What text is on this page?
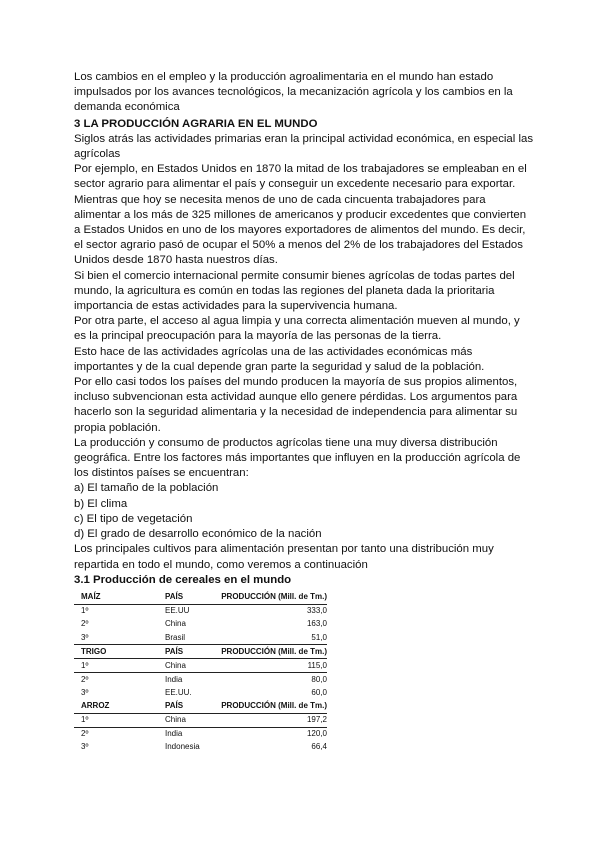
Los cambios en el empleo y la producción agroalimentaria en el mundo han estado impulsados por los avances tecnológicos, la mecanización agrícola y los cambios en la demanda económica

3 LA PRODUCCIÓN AGRARIA EN EL MUNDO

Siglos atrás las actividades primarias eran la principal actividad económica, en especial las agrícolas

Por ejemplo, en Estados Unidos en 1870 la mitad de los trabajadores se empleaban en el sector agrario para alimentar el país y conseguir un excedente necesario para exportar. Mientras que hoy se necesita menos de uno de cada cincuenta trabajadores para alimentar a los más de 325 millones de americanos y producir excedentes que convierten a Estados Unidos en uno de los mayores exportadores de alimentos del mundo. Es decir, el sector agrario pasó de ocupar el 50% a menos del 2% de los trabajadores del Estados Unidos desde 1870 hasta nuestros días.

Si bien el comercio internacional permite consumir bienes agrícolas de todas partes del mundo, la agricultura es común en todas las regiones del planeta dada la prioritaria importancia de estas actividades para la supervivencia humana.

Por otra parte, el acceso al agua limpia y una correcta alimentación mueven al mundo, y es la principal preocupación para la mayoría de las personas de la tierra.

Esto hace de las actividades agrícolas una de las actividades económicas más importantes y de la cual depende gran parte la seguridad y salud de la población.

Por ello casi todos los países del mundo producen la mayoría de sus propios alimentos, incluso subvencionan esta actividad aunque ello genere pérdidas. Los argumentos para hacerlo son la seguridad alimentaria y la necesidad de independencia para alimentar su propia población.

La producción y consumo de productos agrícolas tiene una muy diversa distribución geográfica. Entre los factores más importantes que influyen en la producción agrícola de los distintos países se encuentran:

a) El tamaño de la población

b) El clima

c) El tipo de vegetación

d) El grado de desarrollo económico de la nación

Los principales cultivos para alimentación presentan por tanto una distribución muy repartida en todo el mundo, como veremos a continuación

3.1 Producción de cereales en el mundo

MAÍZ	PAÍS	PRODUCCIÓN (Mill. de Tm.)
1º	EE.UU	333,0
2º	China	163,0
3º	Brasil	51,0
TRIGO	PAÍS	PRODUCCIÓN (Mill. de Tm.)
1º	China	115,0
2º	India	80,0
3º	EE.UU.	60,0
ARROZ	PAÍS	PRODUCCIÓN (Mill. de Tm.)
1º	China	197,2
2º	India	120,0
3º	Indonesia	66,4
